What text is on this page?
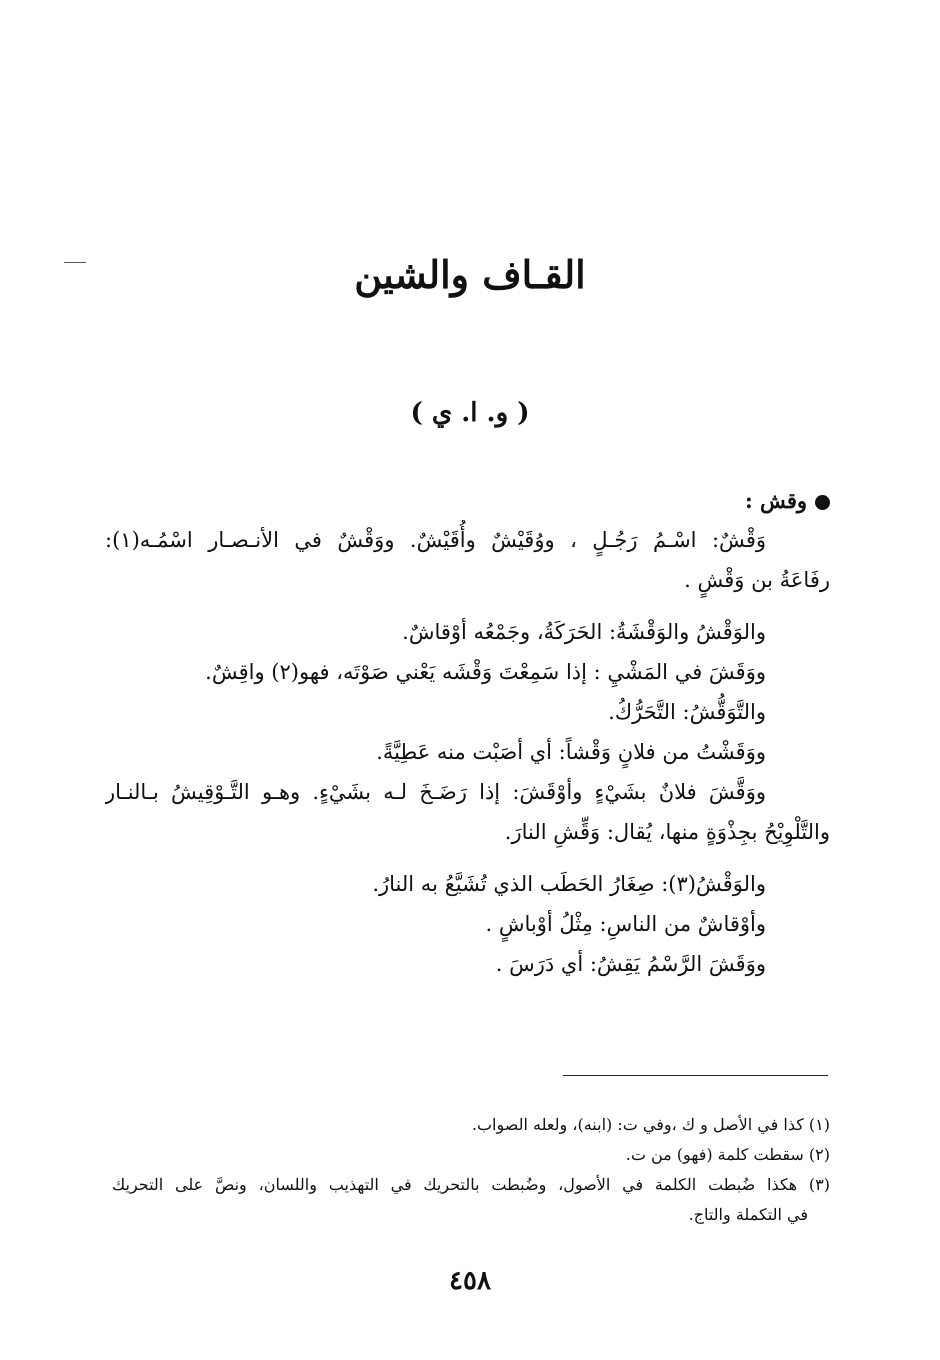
القـاف والشين
( و. ا. ي )
وقش :
وَقْشٌ: اسْـمُ رَجُـلٍ ، ووُقَيْشٌ وأُقَيْشٌ. ووَقْشٌ في الأنـصـار اسْمُـه(١):
رفَاعَةُ بن وَقْشٍ .
والوَقْشُ والوَقْشَةُ: الحَرَكَةُ، وجَمْعُه أوْقاشٌ.
ووَقَشَ في المَشْيِ : إذا سَمِعْتَ وَقْشَه يَعْني صَوْتَه، فهو(٢) واقِشٌ.
والتَّوَقُّشُ: التَّحَرُّكُ.
ووَقَشْتُ من فلانٍ وَقْشاً: أي أصَبْت منه عَطِيَّةً.
ووَقَّشَ فلانٌ بشَيْءٍ وأوْقَشَ: إذا رَضَـخَ لـه بشَيْءٍ. وهـو التَّـوْقِيشُ بـالنـار
والتَّلْوِيْحُ بجِذْوَةٍ منها، يُقال: وَقِّشِ النارَ.
والوَقْشُ(٣): صِغَارُ الحَطَب الذي تُشَيَّعُ به النارُ.
وأوْقاشٌ من الناسِ: مِثْلُ أوْباشٍ .
ووَقَشَ الرَّسْمُ يَقِشُ: أي دَرَسَ .
(١) كذا في الأصل و ك ،وفي ت: (ابنه)، ولعله الصواب.
(٢) سقطت كلمة (فهو) من ت.
(٣) هكذا ضُبطت الكلمة في الأصول، وضُبطت بالتحريك في التهذيب واللسان، ونصَّ على التحريك
في التكملة والتاج.
٤٥٨
